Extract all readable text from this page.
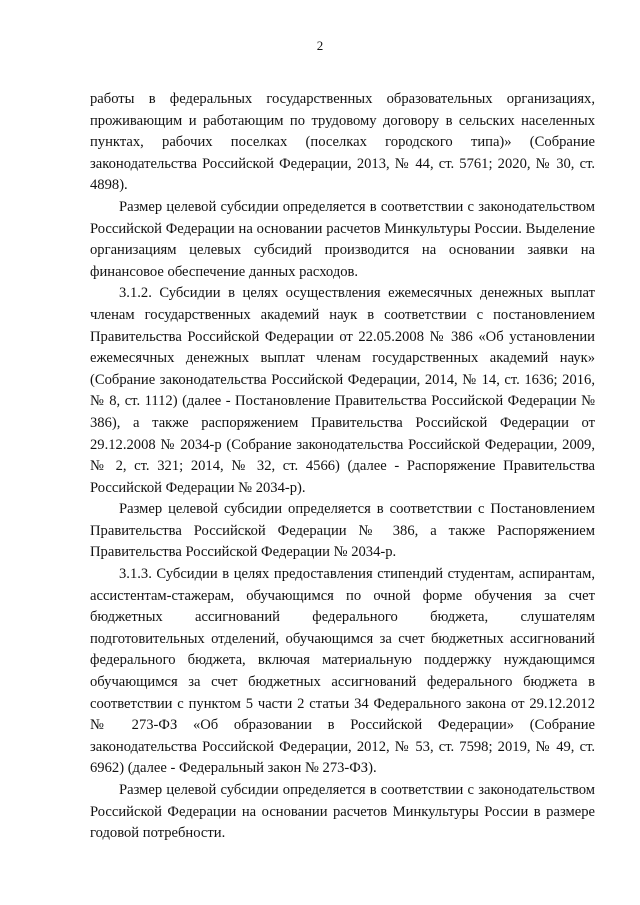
2

работы в федеральных государственных образовательных организациях, проживающим и работающим по трудовому договору в сельских населенных пунктах, рабочих поселках (поселках городского типа)» (Собрание законодательства Российской Федерации, 2013, № 44, ст. 5761; 2020, № 30, ст. 4898).

Размер целевой субсидии определяется в соответствии с законодательством Российской Федерации на основании расчетов Минкультуры России. Выделение организациям целевых субсидий производится на основании заявки на финансовое обеспечение данных расходов.

3.1.2. Субсидии в целях осуществления ежемесячных денежных выплат членам государственных академий наук в соответствии с постановлением Правительства Российской Федерации от 22.05.2008 № 386 «Об установлении ежемесячных денежных выплат членам государственных академий наук» (Собрание законодательства Российской Федерации, 2014, № 14, ст. 1636; 2016, № 8, ст. 1112) (далее - Постановление Правительства Российской Федерации № 386), а также распоряжением Правительства Российской Федерации от 29.12.2008 № 2034-р (Собрание законодательства Российской Федерации, 2009, № 2, ст. 321; 2014, № 32, ст. 4566) (далее - Распоряжение Правительства Российской Федерации № 2034-р).

Размер целевой субсидии определяется в соответствии с Постановлением Правительства Российской Федерации № 386, а также Распоряжением Правительства Российской Федерации № 2034-р.

3.1.3. Субсидии в целях предоставления стипендий студентам, аспирантам, ассистентам-стажерам, обучающимся по очной форме обучения за счет бюджетных ассигнований федерального бюджета, слушателям подготовительных отделений, обучающимся за счет бюджетных ассигнований федерального бюджета, включая материальную поддержку нуждающимся обучающимся за счет бюджетных ассигнований федерального бюджета в соответствии с пунктом 5 части 2 статьи 34 Федерального закона от 29.12.2012 № 273-ФЗ «Об образовании в Российской Федерации» (Собрание законодательства Российской Федерации, 2012, № 53, ст. 7598; 2019, № 49, ст. 6962) (далее - Федеральный закон № 273-ФЗ).

Размер целевой субсидии определяется в соответствии с законодательством Российской Федерации на основании расчетов Минкультуры России в размере годовой потребности.
